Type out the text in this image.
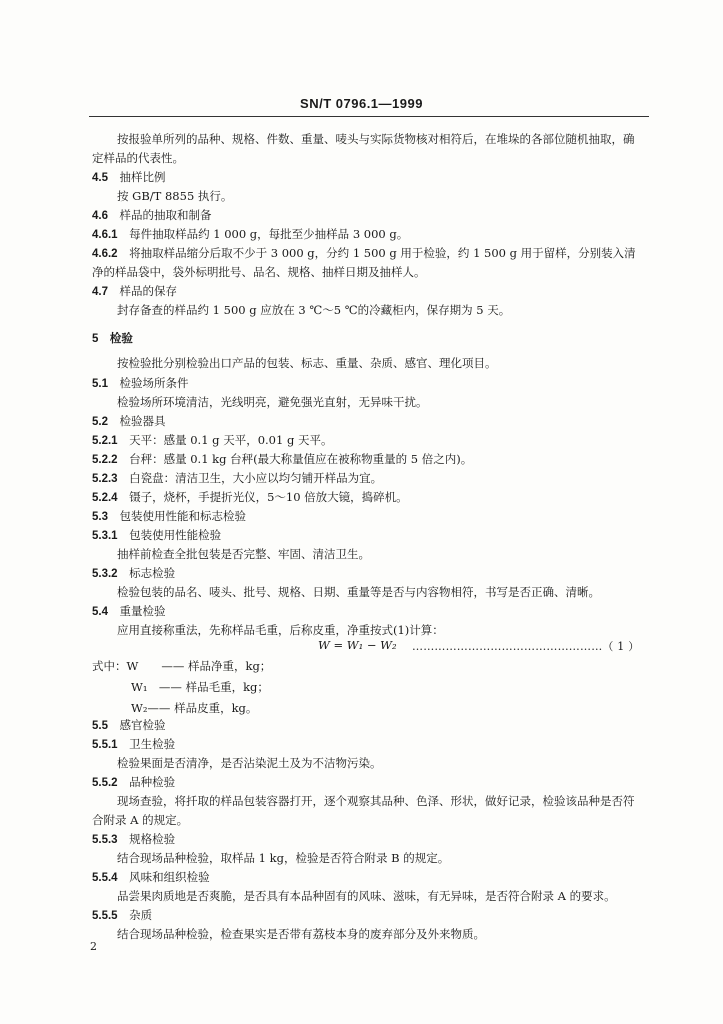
SN/T 0796.1—1999
按报验单所列的品种、规格、件数、重量、唛头与实际货物核对相符后，在堆垛的各部位随机抽取，确
定样品的代表性。
4.5  抽样比例
按 GB/T 8855 执行。
4.6  样品的抽取和制备
4.6.1  每件抽取样品约 1 000 g，每批至少抽样品 3 000 g。
4.6.2  将抽取样品缩分后取不少于 3 000 g，分约 1 500 g 用于检验，约 1 500 g 用于留样，分别装入清
净的样品袋中，袋外标明批号、品名、规格、抽样日期及抽样人。
4.7  样品的保存
封存备查的样品约 1 500 g 应放在 3 ℃～5 ℃的冷藏柜内，保存期为 5 天。
5  检验
按检验批分别检验出口产品的包装、标志、重量、杂质、感官、理化项目。
5.1  检验场所条件
检验场所环境清洁，光线明亮，避免强光直射，无异味干扰。
5.2  检验器具
5.2.1  天平：感量 0.1 g 天平，0.01 g 天平。
5.2.2  台秤：感量 0.1 kg 台秤(最大称量值应在被称物重量的 5 倍之内)。
5.2.3  白瓷盘：清洁卫生，大小应以均匀铺开样品为宜。
5.2.4  镊子，烧杯，手提折光仪，5～10 倍放大镜，捣碎机。
5.3  包装使用性能和标志检验
5.3.1  包装使用性能检验
抽样前检查全批包装是否完整、牢固、清洁卫生。
5.3.2  标志检验
检验包装的品名、唛头、批号、规格、日期、重量等是否与内容物相符，书写是否正确、清晰。
5.4  重量检验
应用直接称重法，先称样品毛重，后称皮重，净重按式(1)计算：
式中：W　　—— 样品净重，kg；
W₁　—— 样品毛重，kg；
W₂—— 样品皮重，kg。
5.5  感官检验
5.5.1  卫生检验
检验果面是否清净，是否沾染泥土及为不洁物污染。
5.5.2  品种检验
现场查验，将扦取的样品包装容器打开，逐个观察其品种、色泽、形状，做好记录，检验该品种是否符
合附录 A 的规定。
5.5.3  规格检验
结合现场品种检验，取样品 1 kg，检验是否符合附录 B 的规定。
5.5.4  风味和组织检验
品尝果肉质地是否爽脆，是否具有本品种固有的风味、滋味，有无异味，是否符合附录 A 的要求。
5.5.5  杂质
结合现场品种检验，检查果实是否带有荔枝本身的废弃部分及外来物质。
W = W₁ − W₂ ……………………………………………（ 1 ）
2
